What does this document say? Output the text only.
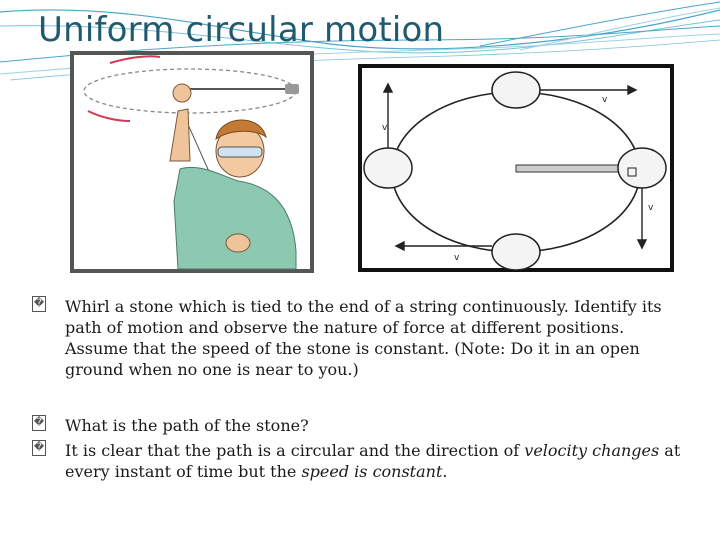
Uniform circular motion
v
v
v
v
�	Whirl a stone which is tied to the end of a string continuously. Identify its path of motion and observe the nature of force at different positions. Assume that the speed of the stone is constant. (Note: Do it in an open ground when no one is near to you.)
�	What is the path of the stone?
�	It is clear that the path is a circular and the direction of velocity changes at every instant of time but the speed is constant.
